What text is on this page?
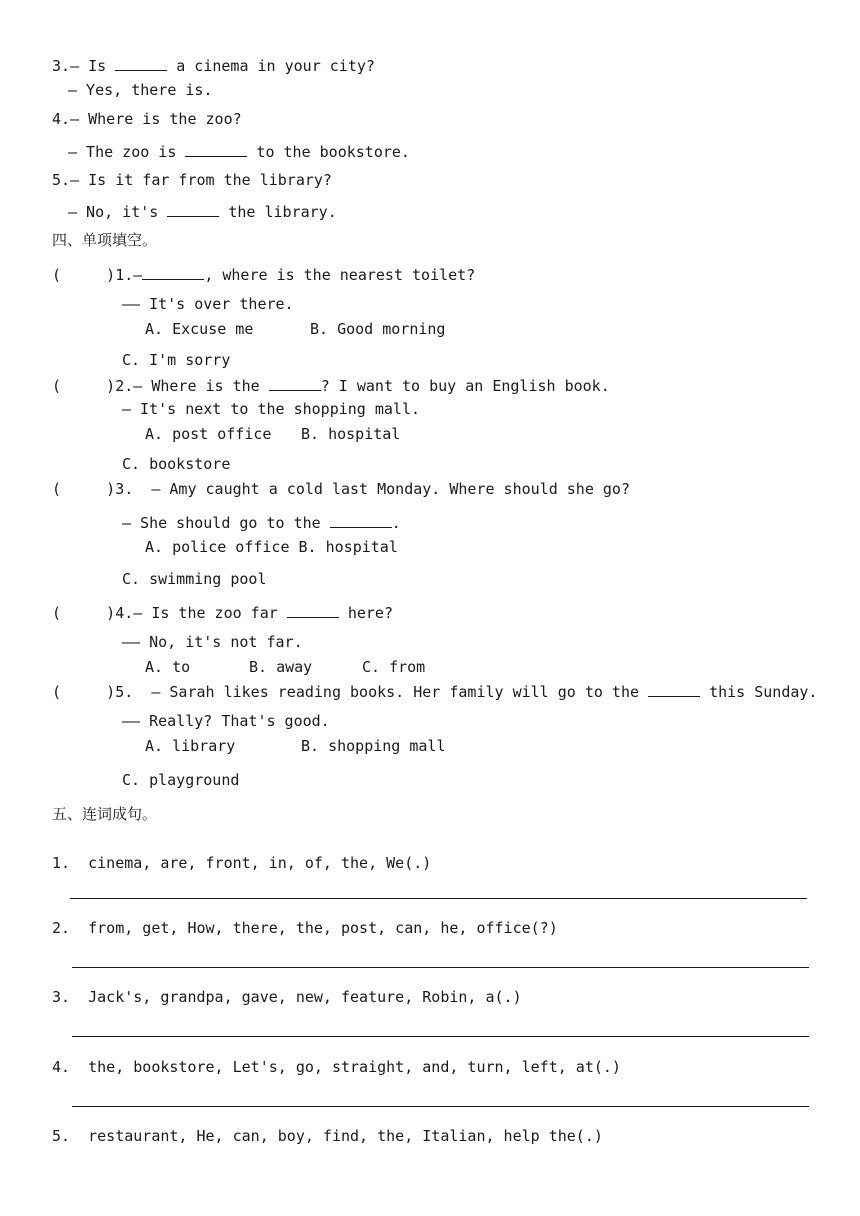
3.— Is	a cinema in your city?
— Yes, there is.
4.— Where is the zoo?
— The zoo is	to the bookstore.
5.— Is it far from the library?
— No, it's	the library.
四、单项填空。
(     )1.—	, where is the nearest toilet?
—— It's over there.
A. Excuse me	B. Good morning
C. I'm sorry
(     )2.— Where is the	? I want to buy an English book.
— It's next to the shopping mall.
A. post office B. hospital
C. bookstore
(     )3.  — Amy caught a cold last Monday. Where should she go?
— She should go to the	.
A. police office B. hospital
C. swimming pool
(     )4.— Is the zoo far	here?
—— No, it's not far.
A. to	B. away	C. from
(     )5.  — Sarah likes reading books. Her family will go to the	this Sunday.
—— Really? That's good.
A. library	B. shopping mall
C. playground
五、连词成句。
1.  cinema, are, front, in, of, the, We(.)
2.  from, get, How, there, the, post, can, he, office(?)
3.  Jack's, grandpa, gave, new, feature, Robin, a(.)
4.  the, bookstore, Let's, go, straight, and, turn, left, at(.)
5.  restaurant, He, can, boy, find, the, Italian, help the(.)
